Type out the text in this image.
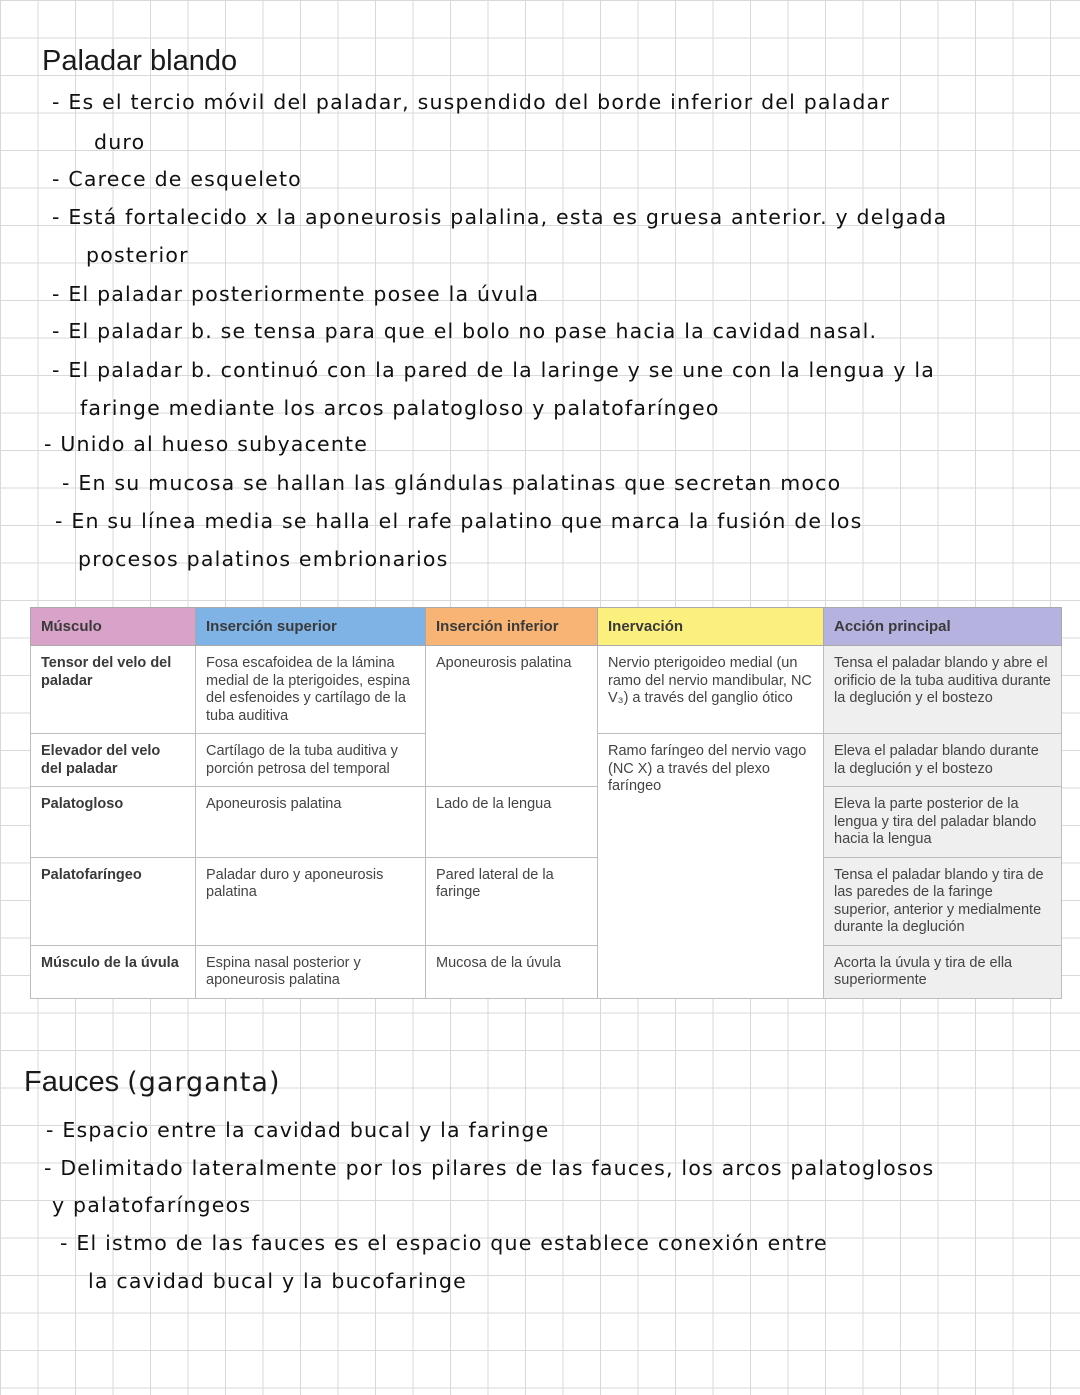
Paladar blando

- Es el tercio móvil del paladar, suspendido del borde inferior del paladar

duro

- Carece de esqueleto

- Está fortalecido x la aponeurosis palalina, esta es gruesa anterior. y delgada

posterior

- El paladar posteriormente posee la úvula

- El paladar b. se tensa para que el bolo no pase hacia la cavidad nasal.

- El paladar b. continuó con la pared de la laringe y se une con la lengua y la

faringe mediante los arcos palatogloso y palatofaríngeo

- Unido al hueso subyacente

- En su mucosa se hallan las glándulas palatinas que secretan moco

- En su línea media se halla el rafe palatino que marca la fusión de los

procesos palatinos embrionarios

Músculo	Inserción superior	Inserción inferior	Inervación	Acción principal
Tensor del velo del paladar	Fosa escafoidea de la lámina medial de la pterigoides, espina del esfenoides y cartílago de la tuba auditiva	Aponeurosis palatina	Nervio pterigoideo medial (un ramo del nervio mandibular, NC V₃) a través del ganglio ótico	Tensa el paladar blando y abre el orificio de la tuba auditiva durante la deglución y el bostezo
Elevador del velo del paladar	Cartílago de la tuba auditiva y porción petrosa del temporal		Ramo faríngeo del nervio vago (NC X) a través del plexo faríngeo	Eleva el paladar blando durante la deglución y el bostezo
Palatogloso	Aponeurosis palatina	Lado de la lengua		Eleva la parte posterior de la lengua y tira del paladar blando hacia la lengua
Palatofaríngeo	Paladar duro y aponeurosis palatina	Pared lateral de la faringe		Tensa el paladar blando y tira de las paredes de la faringe superior, anterior y medialmente durante la deglución
Músculo de la úvula	Espina nasal posterior y aponeurosis palatina	Mucosa de la úvula		Acorta la úvula y tira de ella superiormente
Fauces (garganta)

- Espacio entre la cavidad bucal y la faringe

- Delimitado lateralmente por los pilares de las fauces, los arcos palatoglosos

y palatofaríngeos

- El istmo de las fauces es el espacio que establece conexión entre

la cavidad bucal y la bucofaringe
